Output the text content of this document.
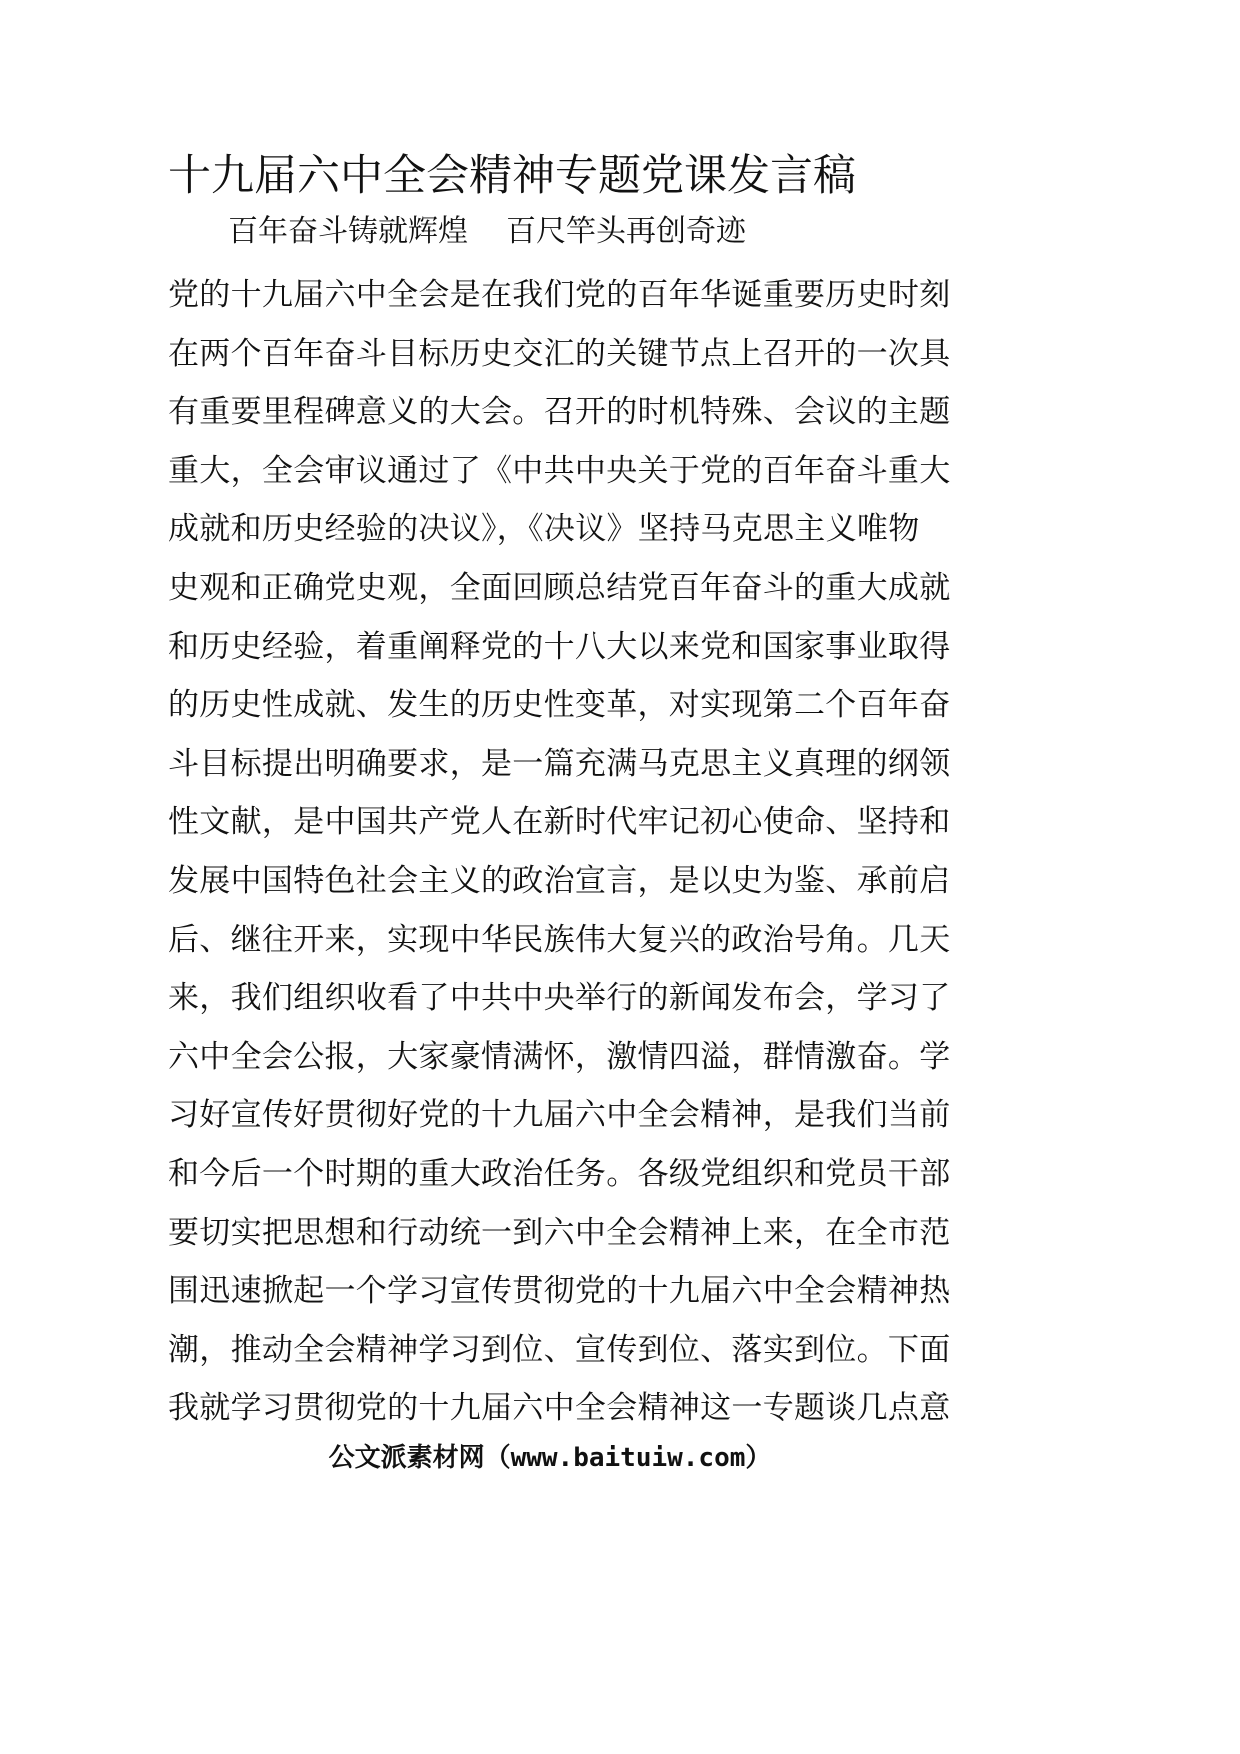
十九届六中全会精神专题党课发言稿
百年奋斗铸就辉煌 百尺竿头再创奇迹
党的十九届六中全会是在我们党的百年华诞重要历史时刻
在两个百年奋斗目标历史交汇的关键节点上召开的一次具
有重要里程碑意义的大会。召开的时机特殊、会议的主题
重大，全会审议通过了《中共中央关于党的百年奋斗重大
成就和历史经验的决议》，《决议》坚持马克思主义唯物
史观和正确党史观，全面回顾总结党百年奋斗的重大成就
和历史经验，着重阐释党的十八大以来党和国家事业取得
的历史性成就、发生的历史性变革，对实现第二个百年奋
斗目标提出明确要求，是一篇充满马克思主义真理的纲领
性文献，是中国共产党人在新时代牢记初心使命、坚持和
发展中国特色社会主义的政治宣言，是以史为鉴、承前启
后、继往开来，实现中华民族伟大复兴的政治号角。几天
来，我们组织收看了中共中央举行的新闻发布会，学习了
六中全会公报，大家豪情满怀，激情四溢，群情激奋。学
习好宣传好贯彻好党的十九届六中全会精神，是我们当前
和今后一个时期的重大政治任务。各级党组织和党员干部
要切实把思想和行动统一到六中全会精神上来，在全市范
围迅速掀起一个学习宣传贯彻党的十九届六中全会精神热
潮，推动全会精神学习到位、宣传到位、落实到位。下面
我就学习贯彻党的十九届六中全会精神这一专题谈几点意
公文派素材网（www.baituiw.com）
